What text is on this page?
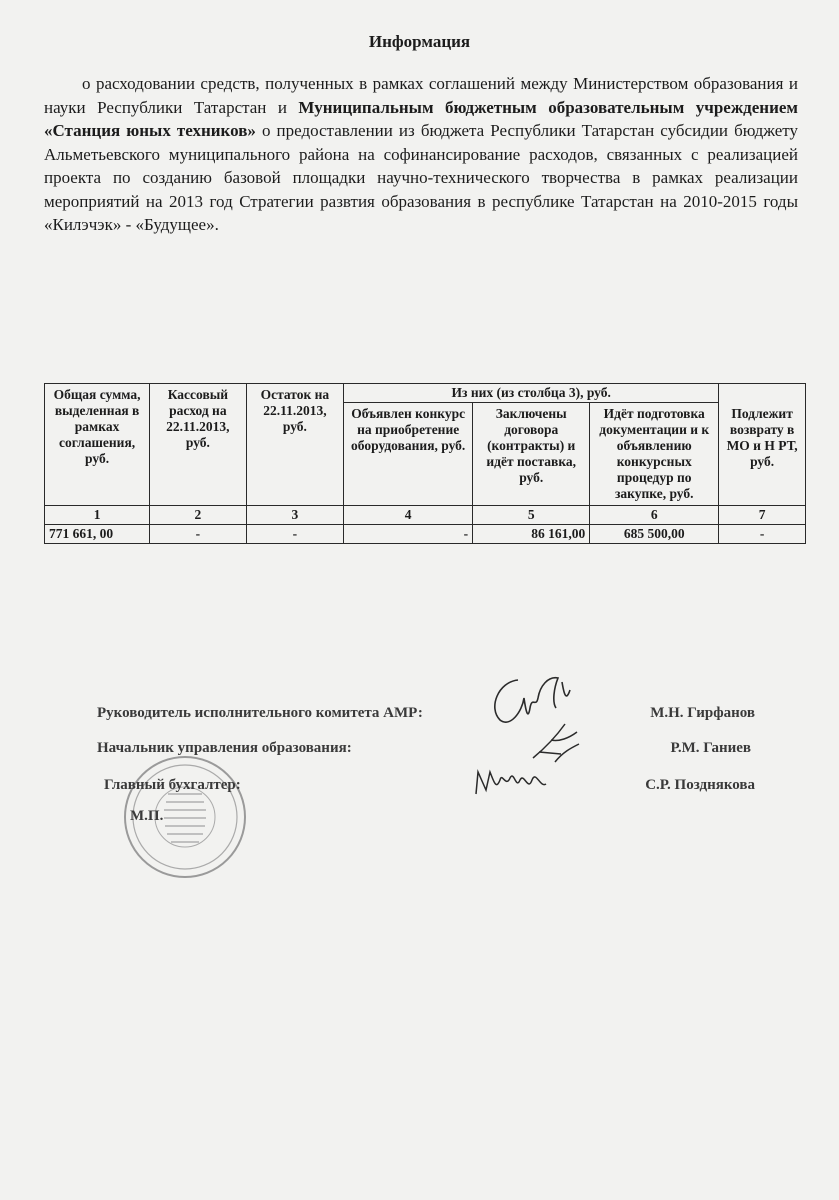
Информация

о расходовании средств, полученных в рамках соглашений между Министерством образования и науки Республики Татарстан и Муниципальным бюджетным образовательным учреждением «Станция юных техников» о предоставлении из бюджета Республики Татарстан субсидии бюджету Альметьевского муниципального района на софинансирование расходов, связанных с реализацией проекта по созданию базовой площадки научно-технического творчества в рамках реализации мероприятий на 2013 год Стратегии развтия образования в республике Татарстан на 2010-2015 годы «Килэчэк» - «Будущее».

Общая сумма, выделенная в рамках соглашения, руб.	Кассовый расход на 22.11.2013, руб.	Остаток на 22.11.2013, руб.	Из них (из столбца 3), руб.			Подлежит возврату в МО и Н РТ, руб.
			Объявлен конкурс на приобретение оборудования, руб.	Заключены договора (контракты) и идёт поставка, руб.	Идёт подготовка документации и к объявлению конкурсных процедур по закупке, руб.	
1	2	3	4	5	6	7
771 661, 00	-	-	-	86 161,00	685 500,00	-
Руководитель исполнительного комитета АМР:	М.Н. Гирфанов
Начальник управления образования:	Р.М. Ганиев
Главный бухгалтер:	С.Р. Позднякова
М.П.
